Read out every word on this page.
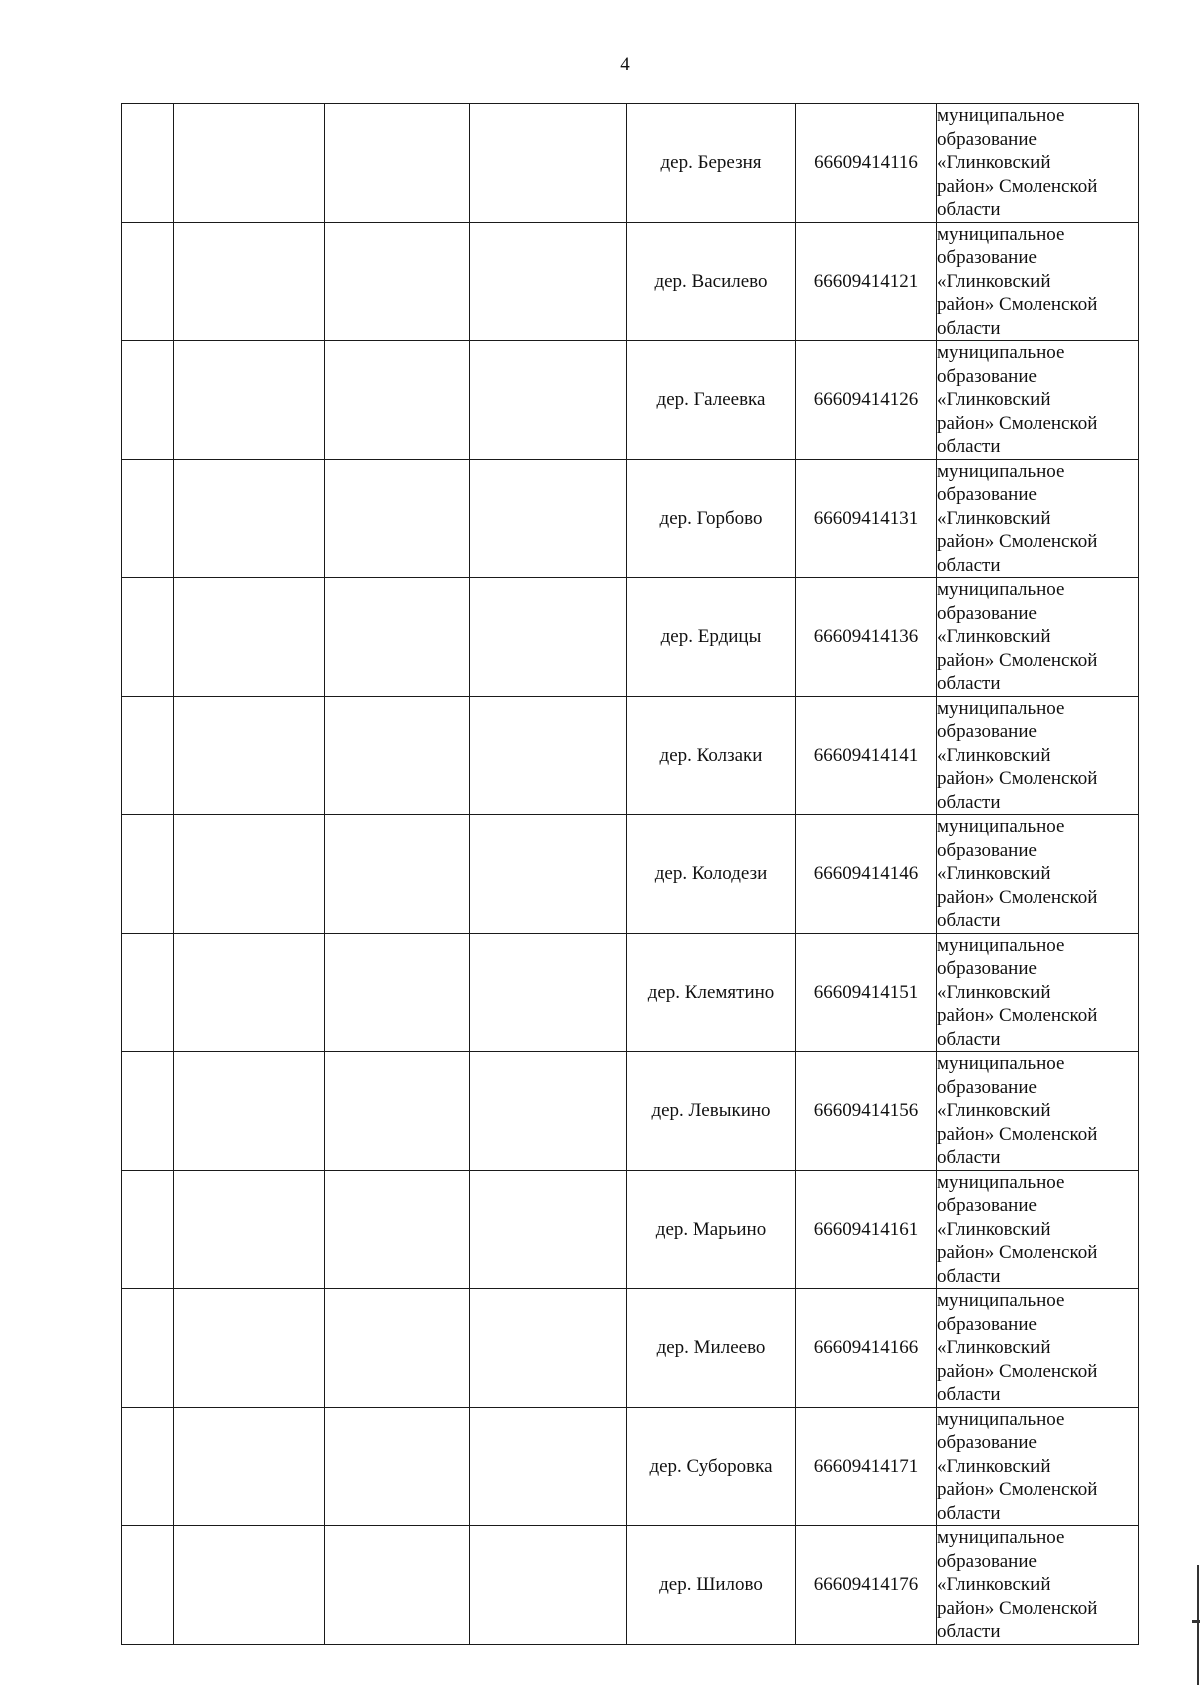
4
				дер. Березня	66609414116	муниципальное
образование
«Глинковский
район» Смоленской
области

				дер. Василево	66609414121	муниципальное
образование
«Глинковский
район» Смоленской
области

				дер. Галеевка	66609414126	муниципальное
образование
«Глинковский
район» Смоленской
области

				дер. Горбово	66609414131	муниципальное
образование
«Глинковский
район» Смоленской
области

				дер. Ердицы	66609414136	муниципальное
образование
«Глинковский
район» Смоленской
области

				дер. Колзаки	66609414141	муниципальное
образование
«Глинковский
район» Смоленской
области

				дер. Колодези	66609414146	муниципальное
образование
«Глинковский
район» Смоленской
области

				дер. Клемятино	66609414151	муниципальное
образование
«Глинковский
район» Смоленской
области

				дер. Левыкино	66609414156	муниципальное
образование
«Глинковский
район» Смоленской
области

				дер. Марьино	66609414161	муниципальное
образование
«Глинковский
район» Смоленской
области

				дер. Милеево	66609414166	муниципальное
образование
«Глинковский
район» Смоленской
области

				дер. Суборовка	66609414171	муниципальное
образование
«Глинковский
район» Смоленской
области

				дер. Шилово	66609414176	муниципальное
образование
«Глинковский
район» Смоленской
области
